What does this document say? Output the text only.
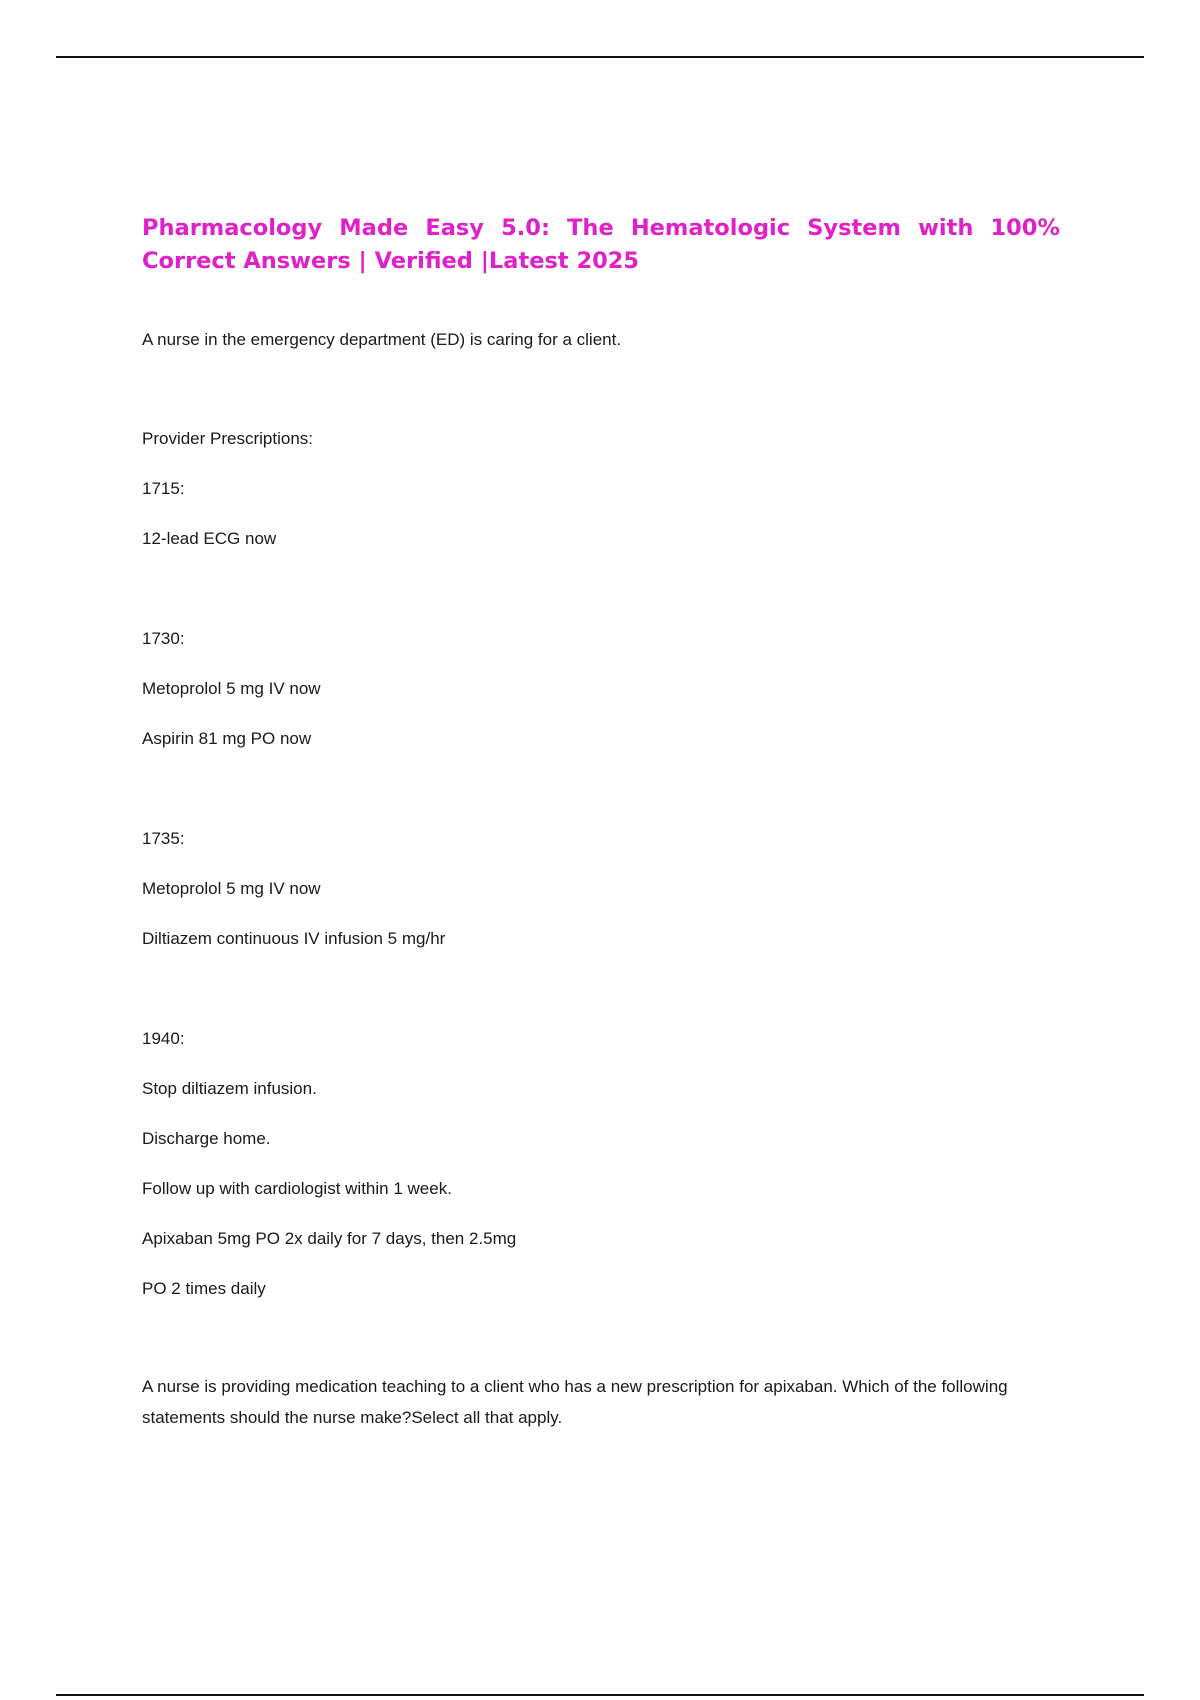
Pharmacology Made Easy 5.0: The Hematologic System with 100% Correct Answers | Verified |Latest 2025

A nurse in the emergency department (ED) is caring for a client.

Provider Prescriptions:

1715:

12-lead ECG now

1730:

Metoprolol 5 mg IV now

Aspirin 81 mg PO now

1735:

Metoprolol 5 mg IV now

Diltiazem continuous IV infusion 5 mg/hr

1940:

Stop diltiazem infusion.

Discharge home.

Follow up with cardiologist within 1 week.

Apixaban 5mg PO 2x daily for 7 days, then 2.5mg

PO 2 times daily

A nurse is providing medication teaching to a client who has a new prescription for apixaban. Which of the following statements should the nurse make?Select all that apply.
